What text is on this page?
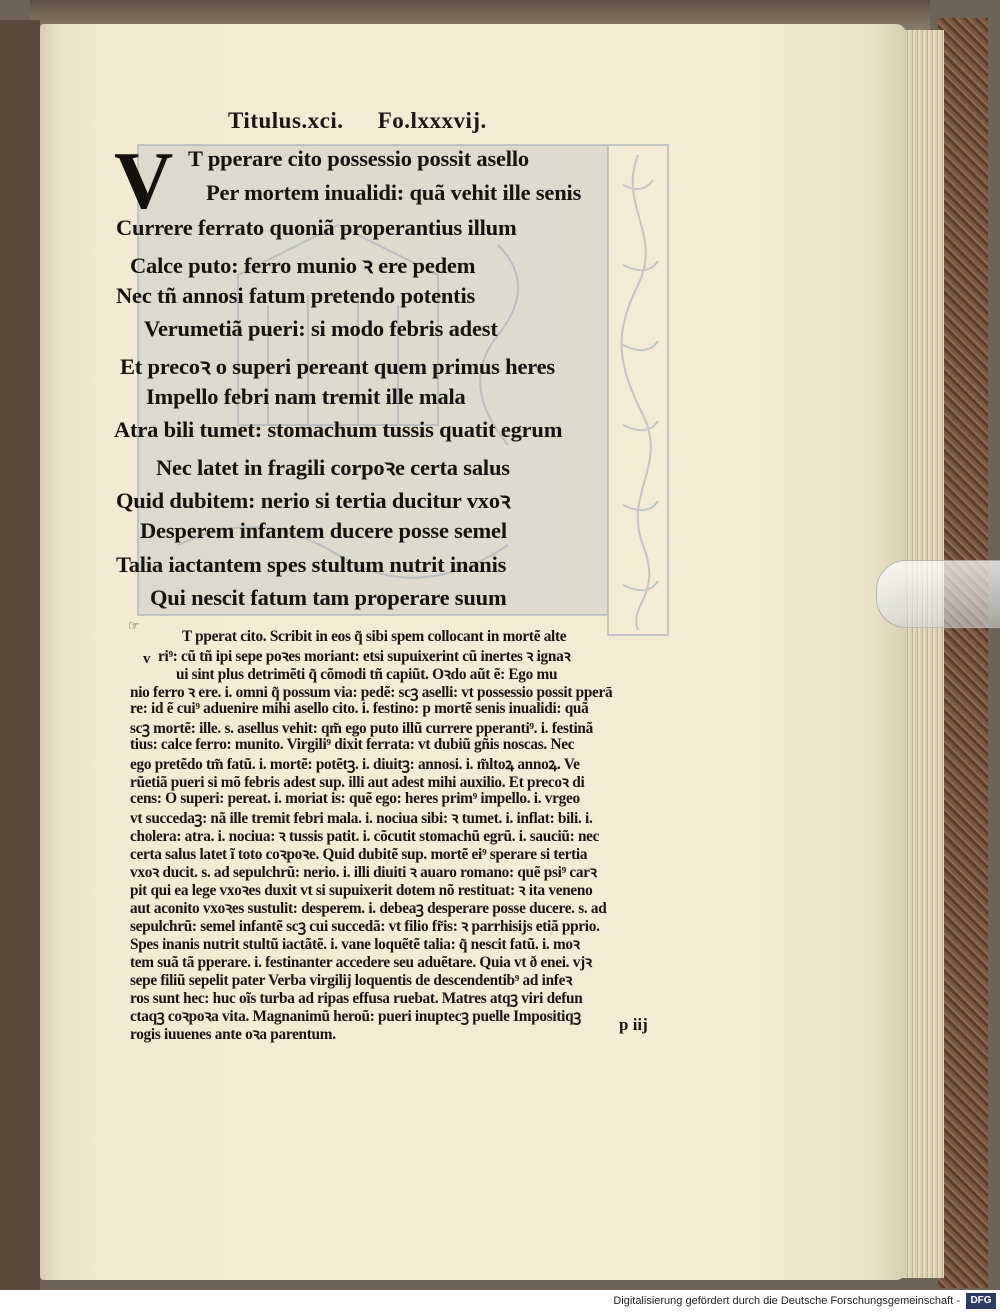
Titulus.xci. Fo.lxxxvij.
V T pperare cito possessio possit asello
Per mortem inualidi: quã vehit ille senis
Currere ferrato quoniã properantius illum
Calce puto: ferro munio ꝛ ere pedem
Nec tñ annosi fatum pretendo potentis
Verumetiã pueri: si modo febris adest
Et precoꝛ o superi pereant quem primus heres
Impello febri nam tremit ille mala
Atra bili tumet: stomachum tussis quatit egrum
Nec latet in fragili corpoꝛe certa salus
Quid dubitem: nerio si tertia ducitur vxoꝛ
Desperem infantem ducere posse semel
Talia iactantem spes stultum nutrit inanis
Qui nescit fatum tam properare suum
☞
v
T pperat cito. Scribit in eos q̃ sibi spem collocant in mortẽ alte
ri⁹: cũ tñ ipi sepe poꝛes moriant: etsi supuixerint cũ inertes ꝛ ignaꝛ
ui sint plus detrimẽti q̃ cõmodi tñ capiũt. Oꝛdo aũt ẽ: Ego mu
nio ferro ꝛ ere. i. omni q̃ possum via: pedẽ: scꝫ aselli: vt possessio possit pperā
re: id ẽ cui⁹ aduenire mihi asello cito. i. festino: p mortẽ senis inualidi: quã
scꝫ mortẽ: ille. s. asellus vehit: qm̃ ego puto illũ currere pperanti⁹. i. festinã
tius: calce ferro: munito. Virgili⁹ dixit ferrata: vt dubiũ gñis noscas. Nec
ego pretẽdo tm̃ fatũ. i. mortẽ: potẽtꝫ. i. diuitꝫ: annosi. i. m̃ltoꝝ annoꝝ. Ve
rũetiã pueri si mõ febris adest sup. illi aut adest mihi auxilio. Et precoꝛ di
cens: O superi: pereat. i. moriat is: quẽ ego: heres prim⁹ impello. i. vrgeo
vt succedaꝫ: nã ille tremit febri mala. i. nociua sibi: ꝛ tumet. i. inflat: bili. i.
cholera: atra. i. nociua: ꝛ tussis patit. i. cõcutit stomachũ egrũ. i. sauciũ: nec
certa salus latet ĩ toto coꝛpoꝛe. Quid dubitẽ sup. mortẽ ei⁹ sperare si tertia
vxoꝛ ducit. s. ad sepulchrũ: nerio. i. illi diuiti ꝛ auaro romano: quẽ psi⁹ carꝛ
pit qui ea lege vxoꝛes duxit vt si supuixerit dotem nõ restituat: ꝛ ita veneno
aut aconito vxoꝛes sustulit: desperem. i. debeaꝫ desperare posse ducere. s. ad
sepulchrũ: semel infantẽ scꝫ cui succedã: vt filio fr̃is: ꝛ parrhisijs etiã pprio.
Spes inanis nutrit stultũ iactãtẽ. i. vane loquẽtẽ talia: q̃ nescit fatũ. i. moꝛ
tem suã tã pperare. i. festinanter accedere seu aduẽtare. Quia vt ð enei. vjꝛ
sepe filiũ sepelit pater Verba virgilij loquentis de descendentib⁹ ad infeꝛ
ros sunt hec: huc oĩs turba ad ripas effusa ruebat. Matres atqꝫ viri defun
ctaqꝫ coꝛpoꝛa vita. Magnanimũ heroũ: pueri inuptecꝫ puelle Impositiqꝫ
rogis iuuenes ante oꝛa parentum.
p iij
Digitalisierung gefördert durch die Deutsche Forschungsgemeinschaft -	DFG
